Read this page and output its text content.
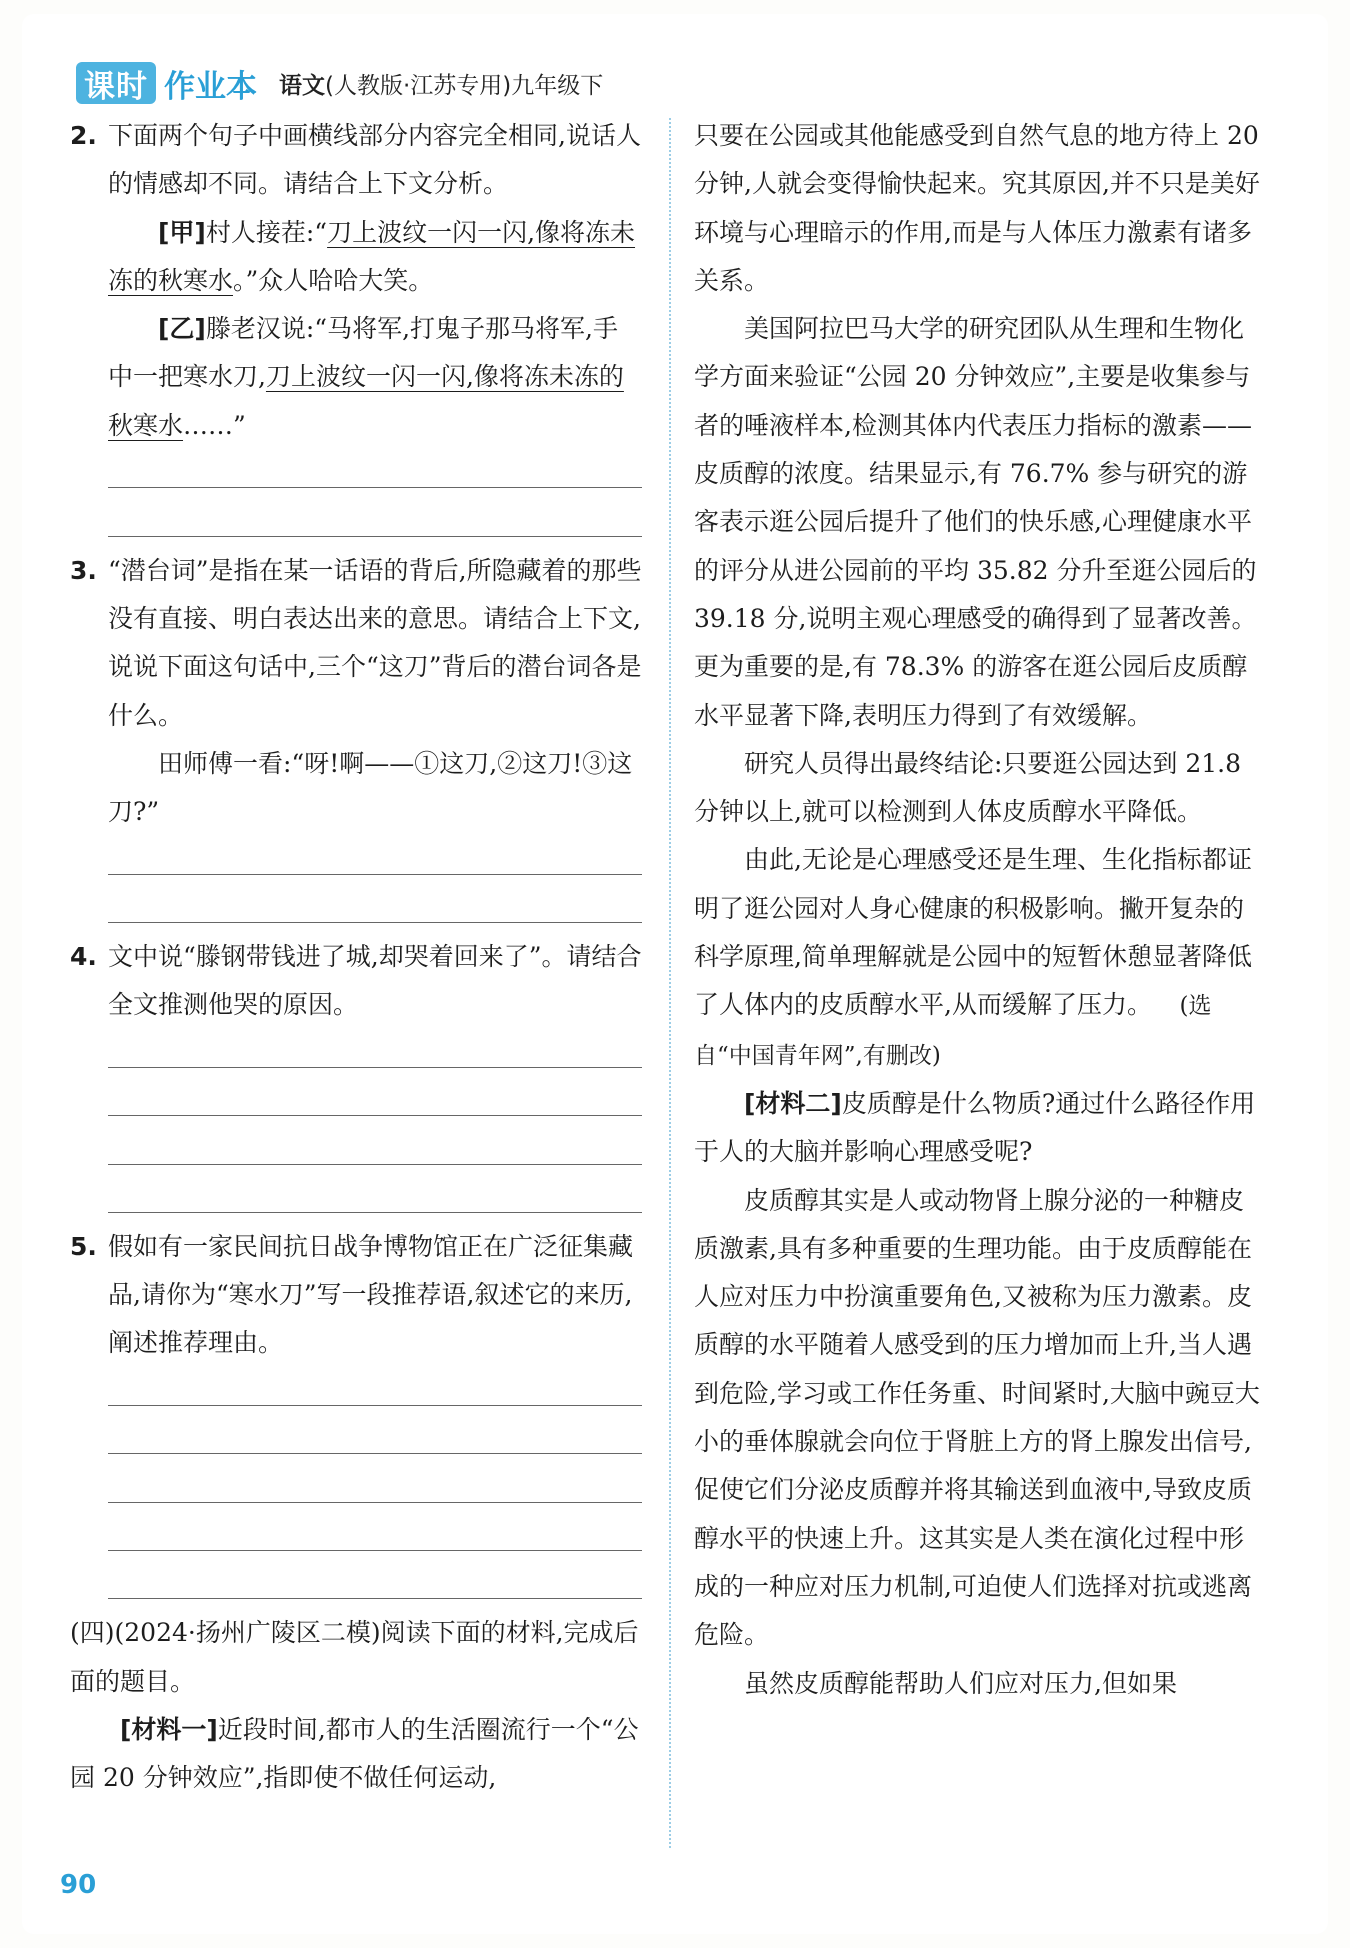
课时 作业本 语文(人教版·江苏专用)九年级下
2. 下面两个句子中画横线部分内容完全相同,说话人的情感却不同。请结合上下文分析。

[甲]村人接茬:“刀上波纹一闪一闪,像将冻未冻的秋寒水。”众人哈哈大笑。

[乙]滕老汉说:“马将军,打鬼子那马将军,手中一把寒水刀,刀上波纹一闪一闪,像将冻未冻的秋寒水……”

3. “潜台词”是指在某一话语的背后,所隐藏着的那些没有直接、明白表达出来的意思。请结合上下文,说说下面这句话中,三个“这刀”背后的潜台词各是什么。

田师傅一看:“呀!啊——①这刀,②这刀!③这刀?”

4. 文中说“滕钢带钱进了城,却哭着回来了”。请结合全文推测他哭的原因。

5. 假如有一家民间抗日战争博物馆正在广泛征集藏品,请你为“寒水刀”写一段推荐语,叙述它的来历,阐述推荐理由。

(四)(2024·扬州广陵区二模)阅读下面的材料,完成后面的题目。

[材料一]近段时间,都市人的生活圈流行一个“公园 20 分钟效应”,指即使不做任何运动,

只要在公园或其他能感受到自然气息的地方待上 20 分钟,人就会变得愉快起来。究其原因,并不只是美好环境与心理暗示的作用,而是与人体压力激素有诸多关系。

美国阿拉巴马大学的研究团队从生理和生物化学方面来验证“公园 20 分钟效应”,主要是收集参与者的唾液样本,检测其体内代表压力指标的激素——皮质醇的浓度。结果显示,有 76.7% 参与研究的游客表示逛公园后提升了他们的快乐感,心理健康水平的评分从进公园前的平均 35.82 分升至逛公园后的 39.18 分,说明主观心理感受的确得到了显著改善。更为重要的是,有 78.3% 的游客在逛公园后皮质醇水平显著下降,表明压力得到了有效缓解。

研究人员得出最终结论:只要逛公园达到 21.8 分钟以上,就可以检测到人体皮质醇水平降低。

由此,无论是心理感受还是生理、生化指标都证明了逛公园对人身心健康的积极影响。撇开复杂的科学原理,简单理解就是公园中的短暂休憩显著降低了人体内的皮质醇水平,从而缓解了压力。 (选自“中国青年网”,有删改)

[材料二]皮质醇是什么物质?通过什么路径作用于人的大脑并影响心理感受呢?

皮质醇其实是人或动物肾上腺分泌的一种糖皮质激素,具有多种重要的生理功能。由于皮质醇能在人应对压力中扮演重要角色,又被称为压力激素。皮质醇的水平随着人感受到的压力增加而上升,当人遇到危险,学习或工作任务重、时间紧时,大脑中豌豆大小的垂体腺就会向位于肾脏上方的肾上腺发出信号,促使它们分泌皮质醇并将其输送到血液中,导致皮质醇水平的快速上升。这其实是人类在演化过程中形成的一种应对压力机制,可迫使人们选择对抗或逃离危险。

虽然皮质醇能帮助人们应对压力,但如果

90
